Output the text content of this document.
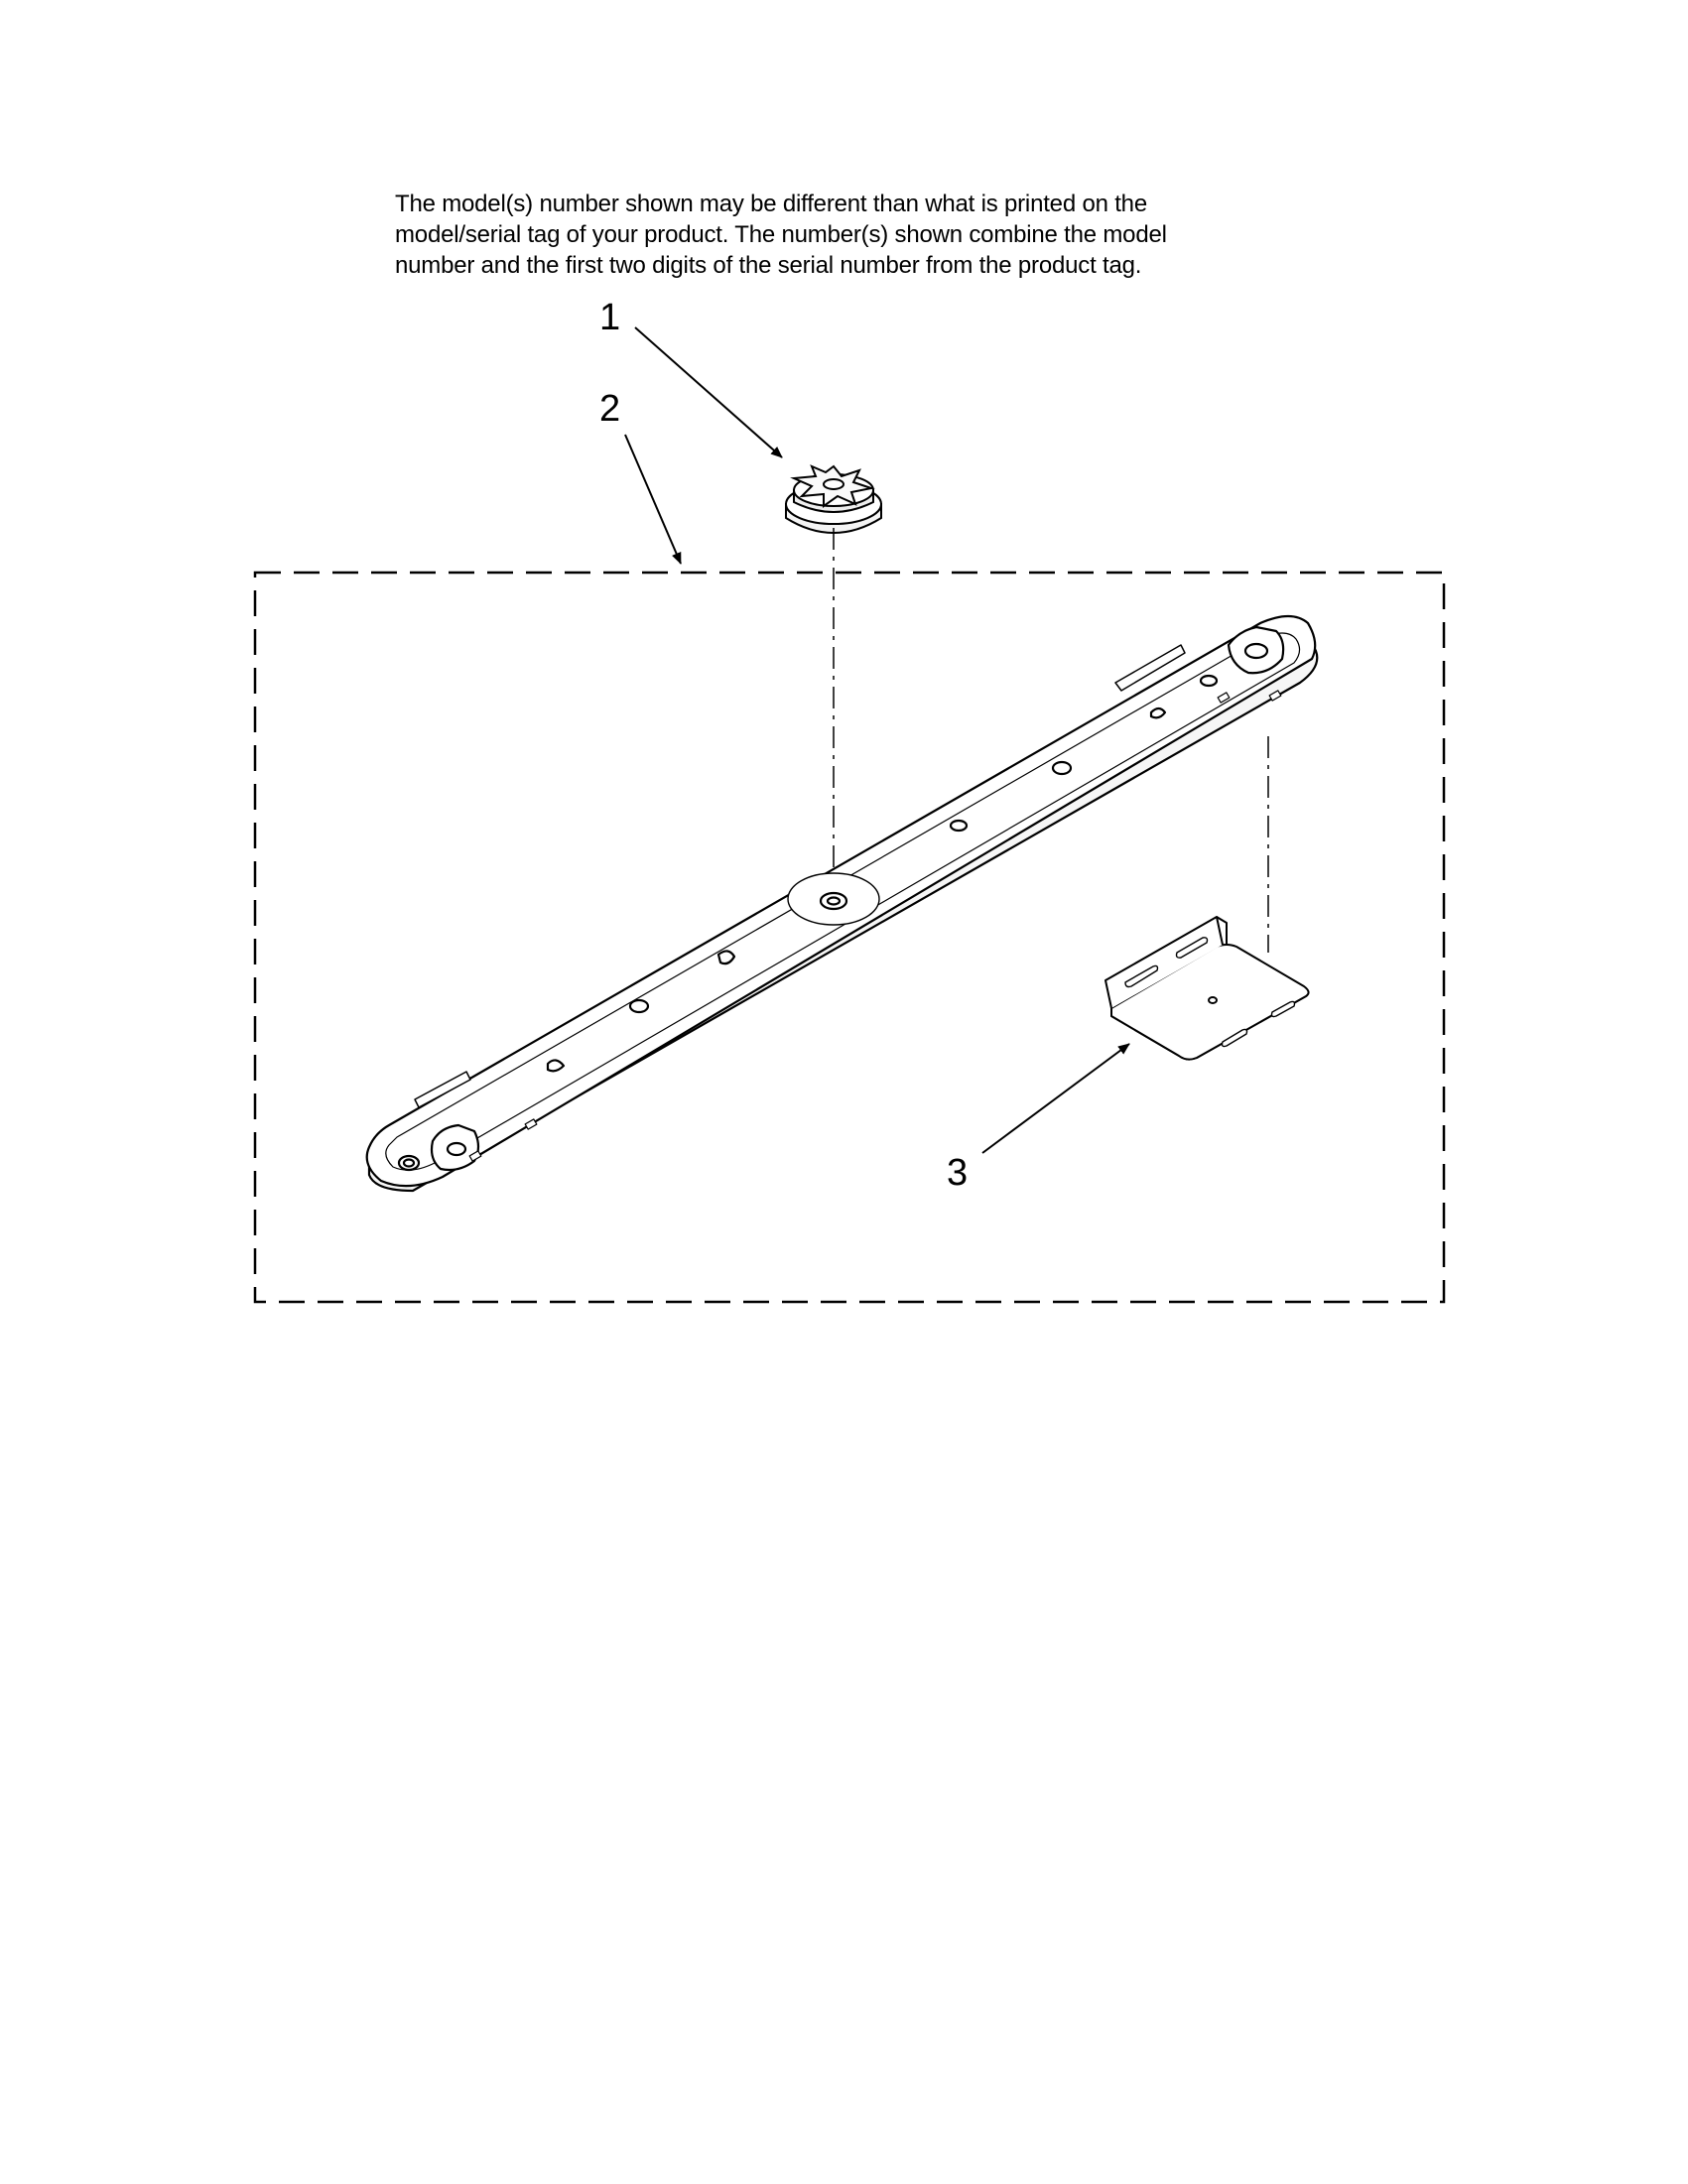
The model(s) number shown may be different than what is printed on the
model/serial tag of your product. The number(s) shown combine the model
number and the first two digits of the serial number from the product tag.
1
2
3
